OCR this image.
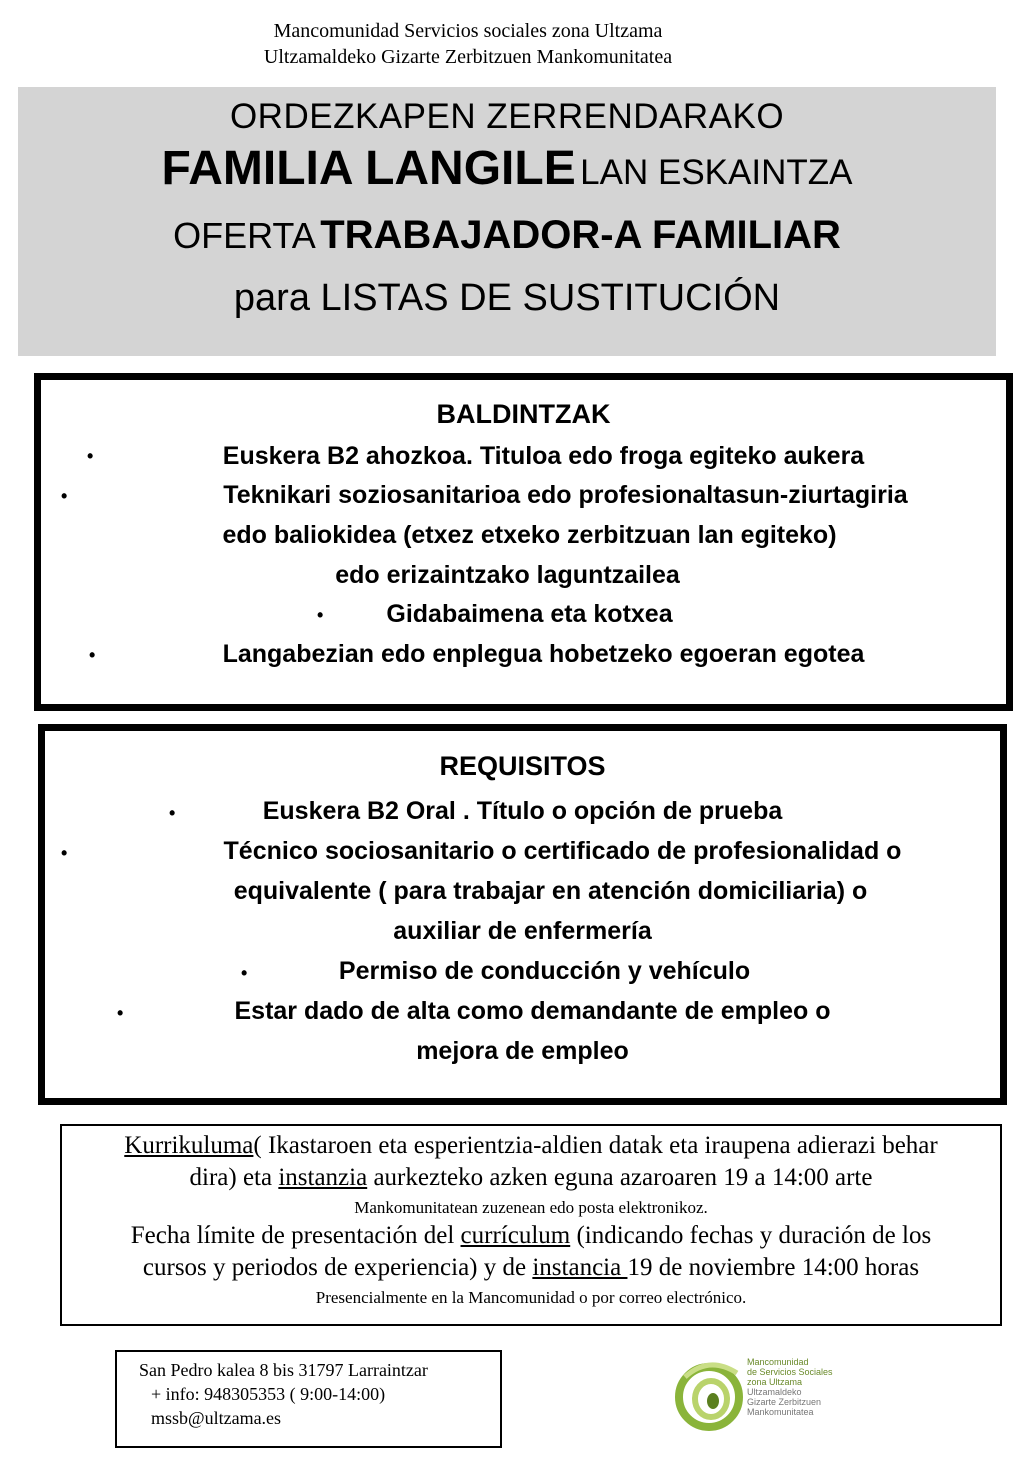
Mancomunidad Servicios sociales zona Ultzama
Ultzamaldeko Gizarte Zerbitzuen Mankomunitatea
ORDEZKAPEN ZERRENDARAKO
FAMILIA LANGILE LAN ESKAINTZA
OFERTA TRABAJADOR-A FAMILIAR
para LISTAS DE SUSTITUCIÓN
BALDINTZAK
•	Euskera B2 ahozkoa. Tituloa edo froga egiteko aukera
•	Teknikari soziosanitarioa edo profesionaltasun-ziurtagiria
edo baliokidea (etxez etxeko zerbitzuan lan egiteko)
edo erizaintzako laguntzailea
•	Gidabaimena eta kotxea
•	Langabezian edo enplegua hobetzeko egoeran egotea
REQUISITOS
•	Euskera B2 Oral . Título o opción de prueba
•	Técnico sociosanitario o certificado de profesionalidad o
equivalente ( para trabajar en atención domiciliaria) o
auxiliar de enfermería
•	Permiso de conducción y vehículo
•	Estar dado de alta como demandante de empleo o
mejora de empleo
Kurrikuluma( Ikastaroen eta esperientzia-aldien datak eta iraupena adierazi behar
dira) eta instanzia aurkezteko azken eguna azaroaren 19 a 14:00 arte
Mankomunitatean zuzenean edo posta elektronikoz.
Fecha límite de presentación del currículum (indicando fechas y duración de los
cursos y periodos de experiencia) y de instancia 19 de noviembre 14:00 horas
Presencialmente en la Mancomunidad o por correo electrónico.
San Pedro kalea 8 bis 31797 Larraintzar
+ info: 948305353 ( 9:00-14:00)
mssb@ultzama.es
Mancomunidad
de Servicios Sociales
zona Ultzama
Ultzamaldeko
Gizarte Zerbitzuen
Mankomunitatea
